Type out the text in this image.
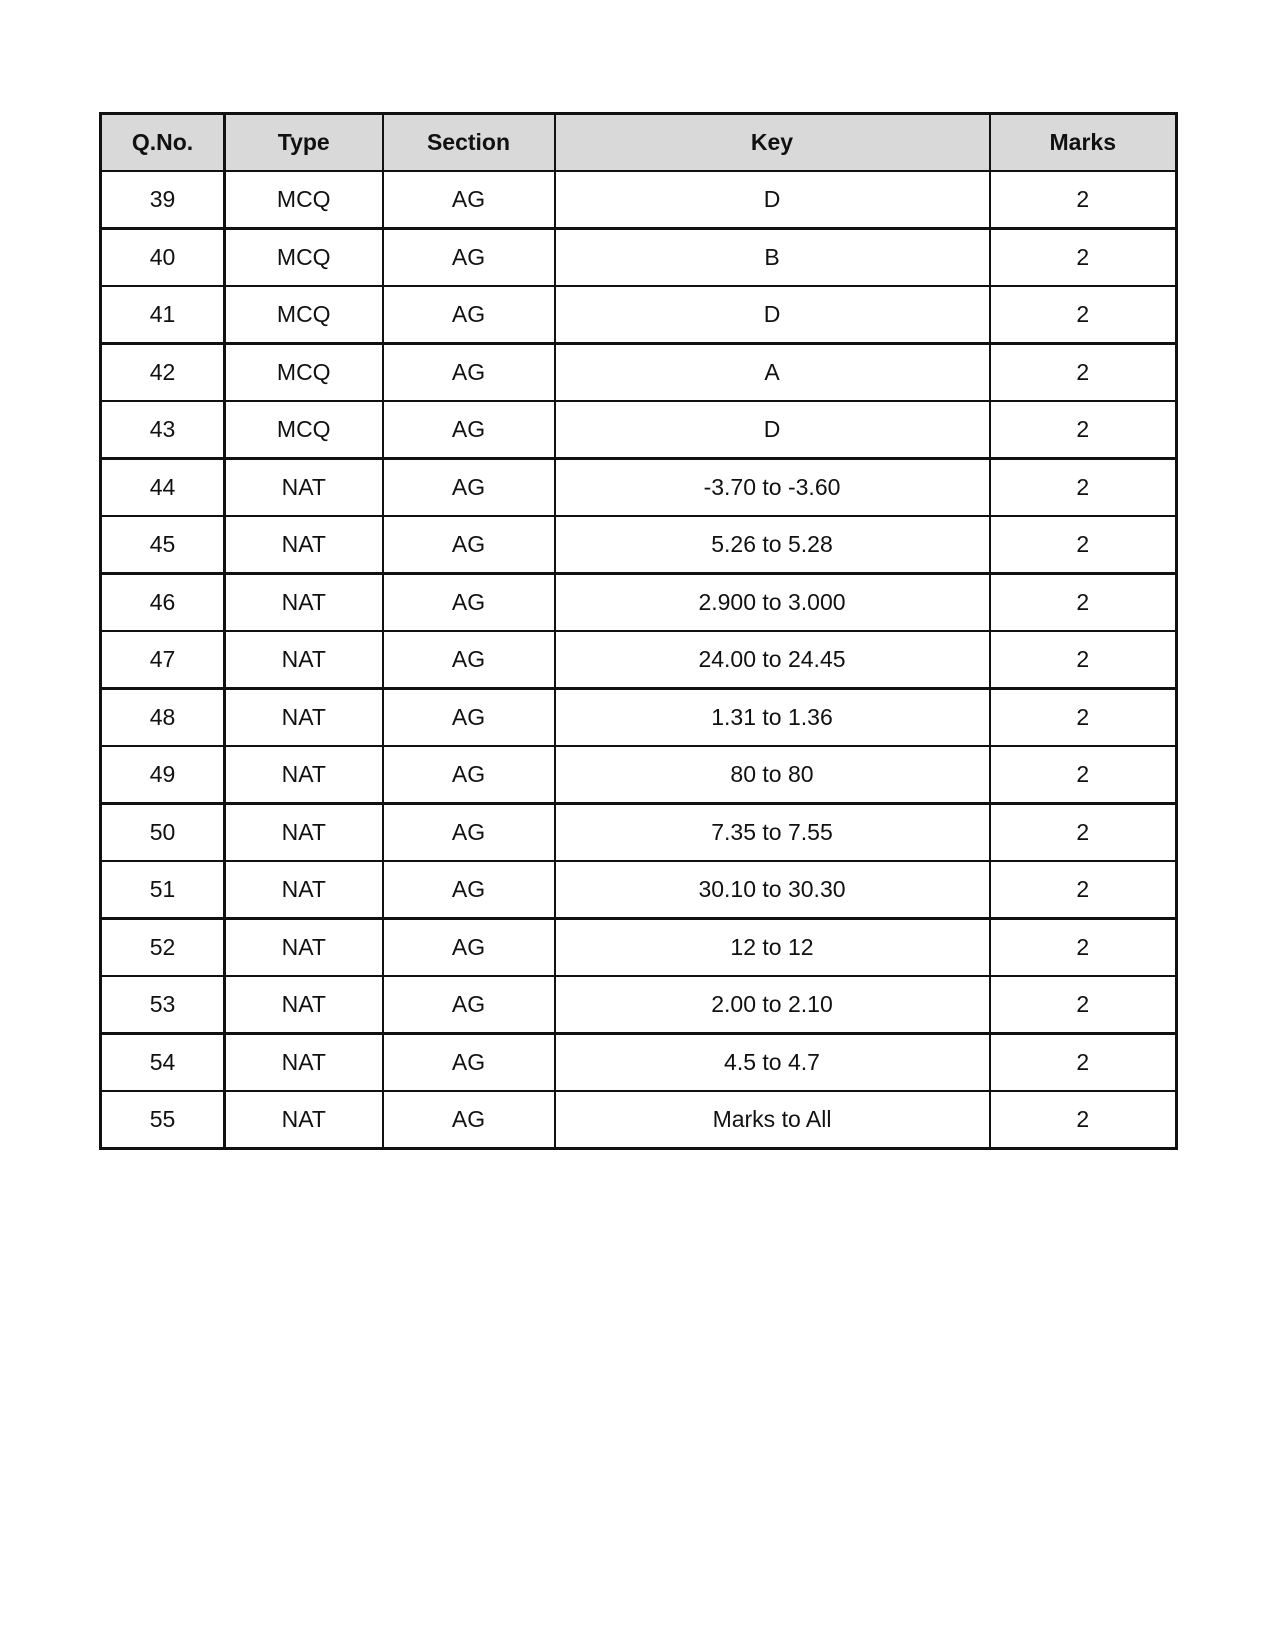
Q.No.	Type	Section	Key	Marks
39	MCQ	AG	D	2
40	MCQ	AG	B	2
41	MCQ	AG	D	2
42	MCQ	AG	A	2
43	MCQ	AG	D	2
44	NAT	AG	-3.70 to -3.60	2
45	NAT	AG	5.26 to 5.28	2
46	NAT	AG	2.900 to 3.000	2
47	NAT	AG	24.00 to 24.45	2
48	NAT	AG	1.31 to 1.36	2
49	NAT	AG	80 to 80	2
50	NAT	AG	7.35 to 7.55	2
51	NAT	AG	30.10 to 30.30	2
52	NAT	AG	12 to 12	2
53	NAT	AG	2.00 to 2.10	2
54	NAT	AG	4.5 to 4.7	2
55	NAT	AG	Marks to All	2
